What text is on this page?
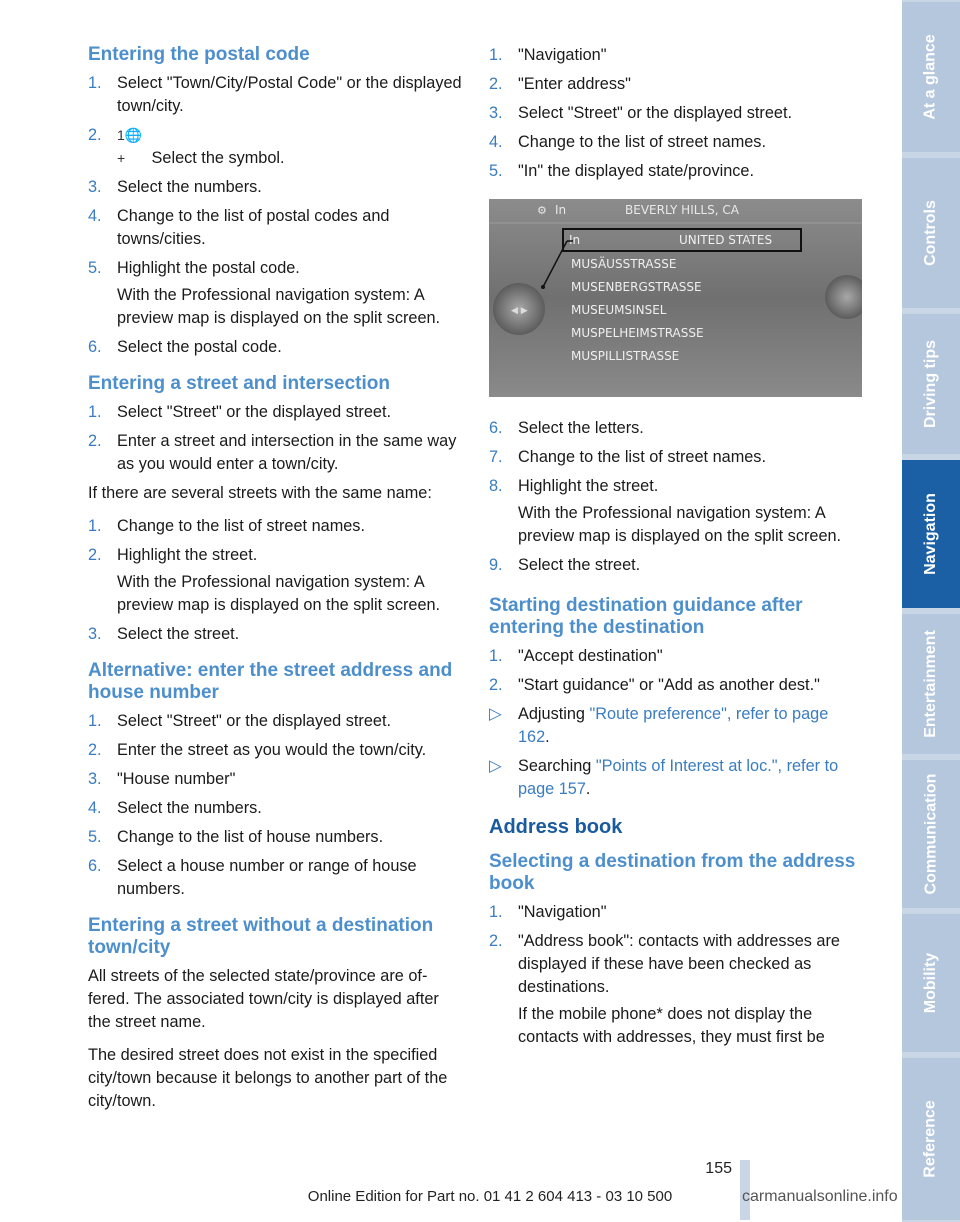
Entering the postal code
1. Select "Town/City/Postal Code" or the displayed town/city.
2.	1🌐+ Select the symbol.
3. Select the numbers.
4. Change to the list of postal codes and towns/cities.
5. Highlight the postal code.
With the Professional navigation system: A preview map is displayed on the split screen.
6. Select the postal code.
Entering a street and intersection
1. Select "Street" or the displayed street.
2. Enter a street and intersection in the same way as you would enter a town/city.

If there are several streets with the same name:

1. Change to the list of street names.
2. Highlight the street.
With the Professional navigation system: A preview map is displayed on the split screen.
3. Select the street.
Alternative: enter the street address and house number
1. Select "Street" or the displayed street.
2. Enter the street as you would the town/city.
3. "House number"
4. Select the numbers.
5. Change to the list of house numbers.
6. Select a house number or range of house numbers.
Entering a street without a destination town/city

All streets of the selected state/province are offered. The associated town/city is displayed after the street name.

The desired street does not exist in the specified city/town because it belongs to another part of the city/town.

1. "Navigation"
2. "Enter address"
3. Select "Street" or the displayed street.
4. Change to the list of street names.
5. "In" the displayed state/province.
⚙ In	BEVERLY HILLS, CA
In	UNITED STATES
MUSÄUSSTRASSE
MUSENBERGSTRASSE
MUSEUMSINSEL
MUSPELHEIMSTRASSE
MUSPILLISTRASSE
◀ ▶
6. Select the letters.
7. Change to the list of street names.
8. Highlight the street.
With the Professional navigation system: A preview map is displayed on the split screen.
9. Select the street.
Starting destination guidance after entering the destination
1. "Accept destination"
2. "Start guidance" or "Add as another dest."
▷	Adjusting "Route preference", refer to page 162.
▷	Searching "Points of Interest at loc.", refer to page 157.
Address book
Selecting a destination from the address book
1. "Navigation"
2. "Address book": contacts with addresses are displayed if these have been checked as destinations.
If the mobile phone* does not display the contacts with addresses, they must first be
At a glance
Controls
Driving tips
Navigation
Entertainment
Communication
Mobility
Reference
155
Online Edition for Part no. 01 41 2 604 413 - 03 10 500	carmanualsonline.info
